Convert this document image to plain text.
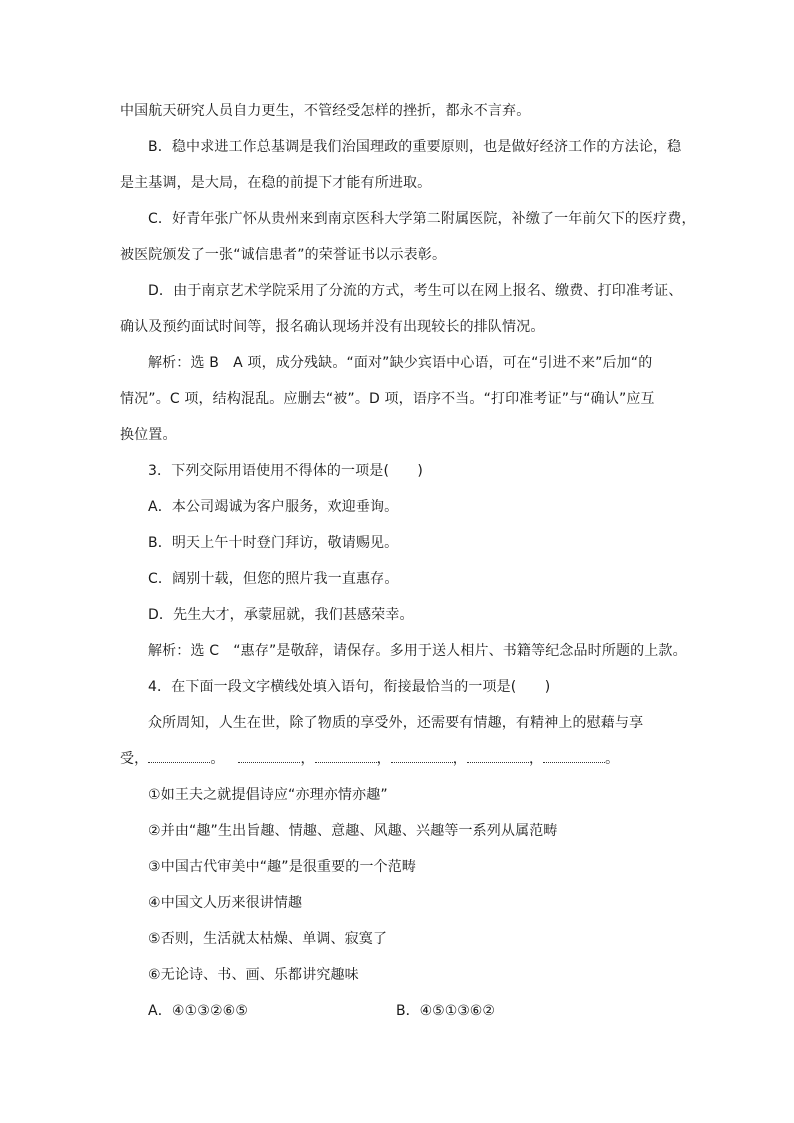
中国航天研究人员自力更生，不管经受怎样的挫折，都永不言弃。
B．稳中求进工作总基调是我们治国理政的重要原则，也是做好经济工作的方法论，稳
是主基调，是大局，在稳的前提下才能有所进取。
C．好青年张广怀从贵州来到南京医科大学第二附属医院，补缴了一年前欠下的医疗费，
被医院颁发了一张“诚信患者”的荣誉证书以示表彰。
D．由于南京艺术学院采用了分流的方式，考生可以在网上报名、缴费、打印准考证、
确认及预约面试时间等，报名确认现场并没有出现较长的排队情况。
解析：选 B　A 项，成分残缺。“面对”缺少宾语中心语，可在“引进不来”后加“的
情况”。C 项，结构混乱。应删去“被”。D 项，语序不当。“打印准考证”与“确认”应互
换位置。
3．下列交际用语使用不得体的一项是(　　)
A．本公司竭诚为客户服务，欢迎垂询。
B．明天上午十时登门拜访，敬请赐见。
C．阔别十载，但您的照片我一直惠存。
D．先生大才，承蒙屈就，我们甚感荣幸。
解析：选 C　“惠存”是敬辞，请保存。多用于送人相片、书籍等纪念品时所题的上款。
4．在下面一段文字横线处填入语句，衔接最恰当的一项是(　　)
众所周知，人生在世，除了物质的享受外，还需要有情趣，有精神上的慰藉与享
受，	。	，	，	，	，	。
①如王夫之就提倡诗应“亦理亦情亦趣”
②并由“趣”生出旨趣、情趣、意趣、风趣、兴趣等一系列从属范畴
③中国古代审美中“趣”是很重要的一个范畴
④中国文人历来很讲情趣
⑤否则，生活就太枯燥、单调、寂寞了
⑥无论诗、书、画、乐都讲究趣味
A．④①③②⑥⑤	B．④⑤①③⑥②
